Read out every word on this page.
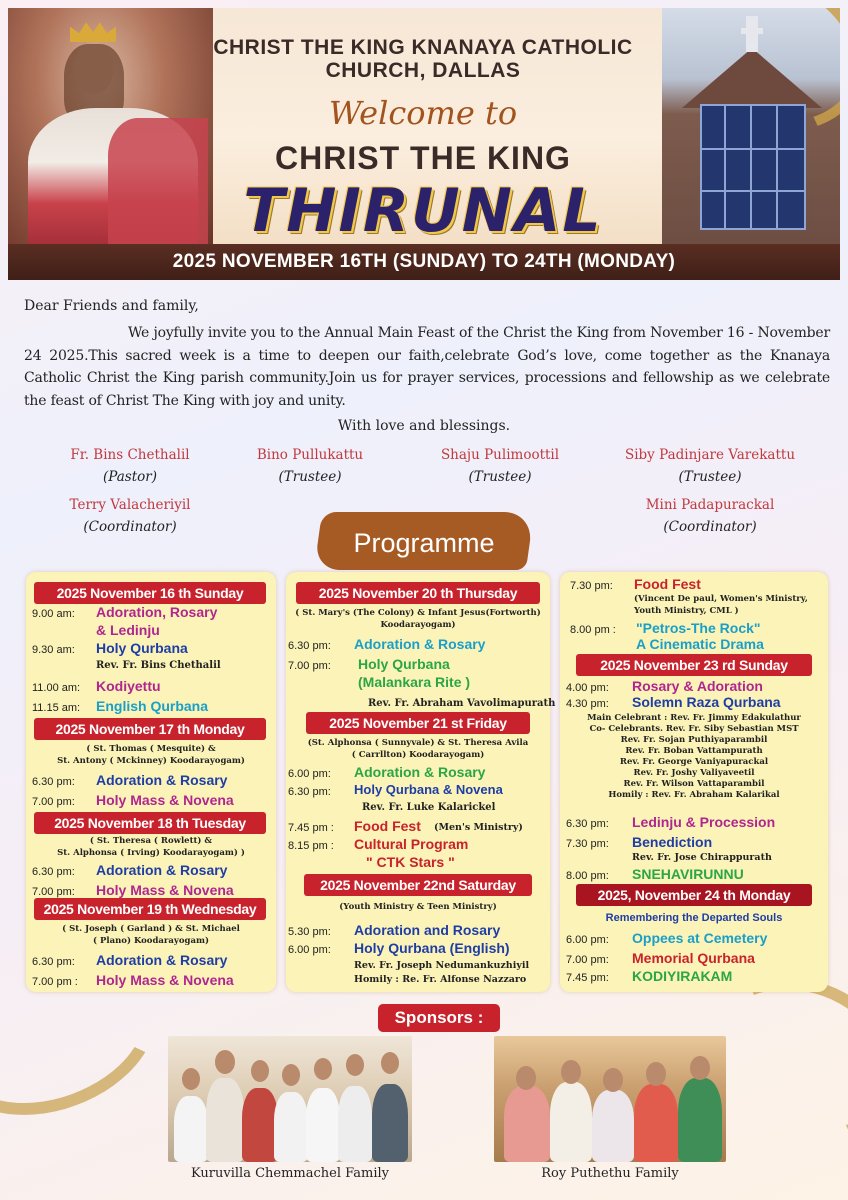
CHRIST THE KING KNANAYA CATHOLIC
CHURCH, DALLAS
Welcome to
CHRIST THE KING
THIRUNAL
2025 NOVEMBER 16TH (SUNDAY) TO 24TH (MONDAY)
Dear Friends and family,
We joyfully invite you to the Annual Main Feast of the Christ the King from November 16 - November 24 2025.This sacred week is a time to deepen our faith,celebrate God’s love, come together as the Knanaya Catholic Christ the King parish community.Join us for prayer services, processions and fellowship as we celebrate the feast of Christ The King with joy and unity.
With love and blessings.
Fr. Bins Chethalil
(Pastor)
Bino Pullukattu
(Trustee)
Shaju Pulimoottil
(Trustee)
Siby Padinjare Varekattu
(Trustee)
Terry Valacheriyil
(Coordinator)
Mini Padapurackal
(Coordinator)
Programme
2025 November 16 th Sunday
9.00 am: Adoration, Rosary
& Ledinju
9.30 am: Holy Qurbana
Rev. Fr. Bins Chethalil
11.00 am: Kodiyettu
11.15 am: English Qurbana
2025 November 17 th Monday
( St. Thomas ( Mesquite) &
St. Antony ( Mckinney) Koodarayogam)
6.30 pm: Adoration & Rosary
7.00 pm: Holy Mass & Novena
2025 November 18 th Tuesday
( St. Theresa ( Rowlett) &
St. Alphonsa ( Irving) Koodarayogam) )
6.30 pm: Adoration & Rosary
7.00 pm: Holy Mass & Novena
2025 November 19 th Wednesday
( St. Joseph ( Garland ) & St. Michael
( Plano) Koodarayogam)
6.30 pm: Adoration & Rosary
7.00 pm : Holy Mass & Novena
2025 November 20 th Thursday
( St. Mary's (The Colony) & Infant Jesus(Fortworth)
Koodarayogam)
6.30 pm: Adoration & Rosary
7.00 pm: Holy Qurbana
(Malankara Rite )
Rev. Fr. Abraham Vavolimapurath
2025 November 21 st Friday
(St. Alphonsa ( Sunnyvale) & St. Theresa Avila
( Carrllton) Koodarayogam)
6.00 pm: Adoration & Rosary
6.30 pm: Holy Qurbana & Novena
Rev. Fr. Luke Kalarickel
7.45 pm : Food Fest (Men's Ministry)
8.15 pm : Cultural Program
" CTK Stars "
2025 November 22nd Saturday
(Youth Ministry & Teen Ministry)
5.30 pm: Adoration and Rosary
6.00 pm: Holy Qurbana (English)
Rev. Fr. Joseph Nedumankuzhiyil
Homily : Re. Fr. Alfonse Nazzaro
7.30 pm: Food Fest
(Vincent De paul, Women's Ministry,
Youth Ministry, CML )
8.00 pm : "Petros-The Rock"
A Cinematic Drama
2025 November 23 rd Sunday
4.00 pm: Rosary & Adoration
4.30 pm: Solemn Raza Qurbana
Main Celebrant : Rev. Fr. Jimmy Edakulathur
Co- Celebrants. Rev. Fr. Siby Sebastian MST
Rev. Fr. Sojan Puthiyaparambil
Rev. Fr. Boban Vattampurath
Rev. Fr. George Vaniyapurackal
Rev. Fr. Joshy Valiyaveetil
Rev. Fr. Wilson Vattaparambil
Homily : Rev. Fr. Abraham Kalarikal
6.30 pm: Ledinju & Procession
7.30 pm: Benediction
Rev. Fr. Jose Chirappurath
8.00 pm: SNEHAVIRUNNU
2025, November 24 th Monday
Remembering the Departed Souls
6.00 pm: Oppees at Cemetery
7.00 pm: Memorial Qurbana
7.45 pm: KODIYIRAKAM
Sponsors :
Kuruvilla Chemmachel Family	Roy Puthethu Family
